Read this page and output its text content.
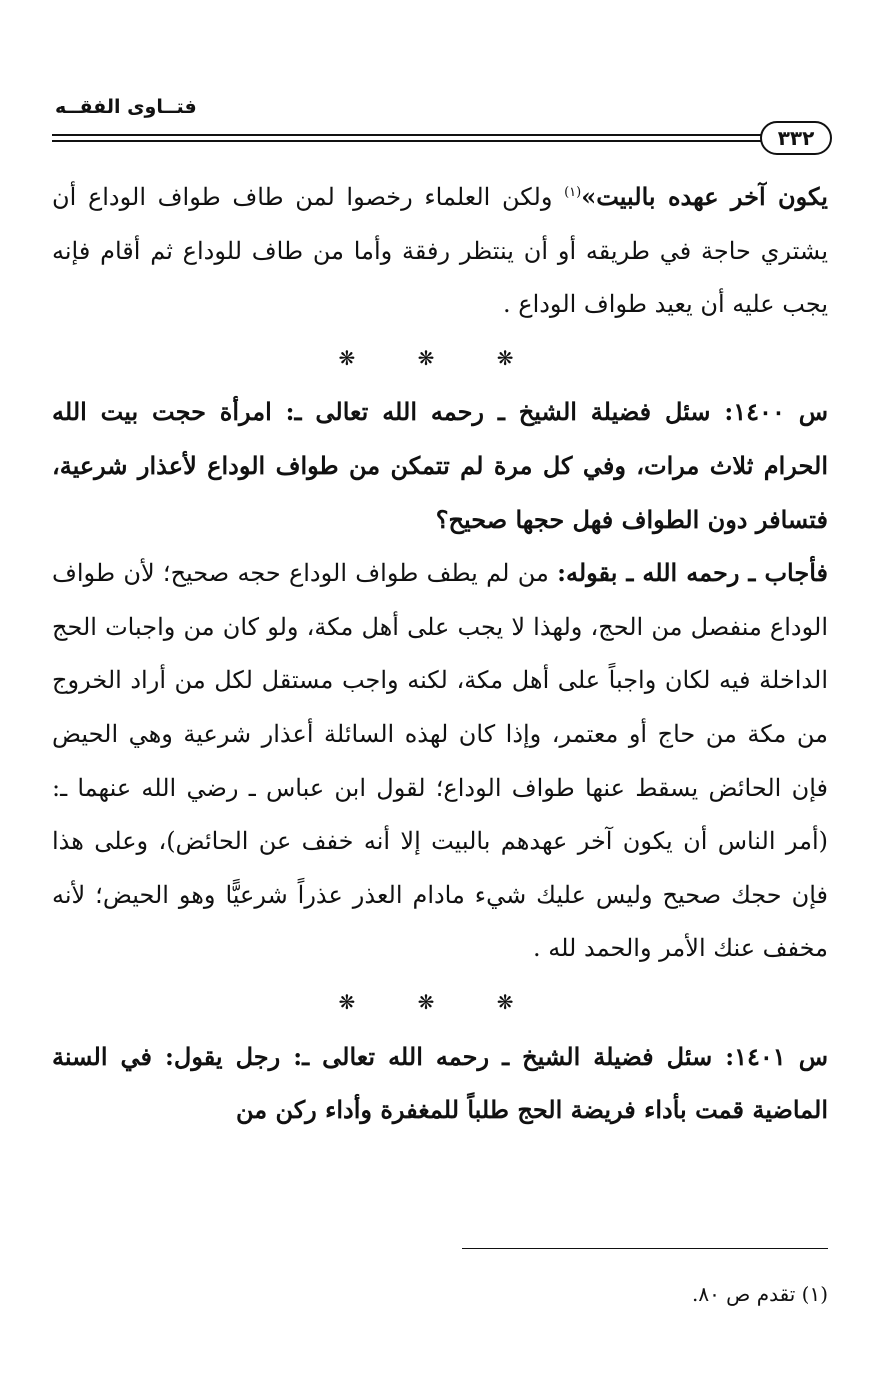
فتــاوى الفقــه
٣٣٢

يكون آخر عهده بالبيت»$^{(١)}$ ولكن العلماء رخصوا لمن طاف طواف الوداع أن يشتري حاجة في طريقه أو أن ينتظر رفقة وأما من طاف للوداع ثم أقام فإنه يجب عليه أن يعيد طواف الوداع .

❋ ❋ ❋

س ١٤٠٠: سئل فضيلة الشيخ ـ رحمه الله تعالى ـ: امرأة حجت بيت الله الحرام ثلاث مرات، وفي كل مرة لم تتمكن من طواف الوداع لأعذار شرعية، فتسافر دون الطواف فهل حجها صحيح؟

فأجاب ـ رحمه الله ـ بقوله: من لم يطف طواف الوداع حجه صحيح؛ لأن طواف الوداع منفصل من الحج، ولهذا لا يجب على أهل مكة، ولو كان من واجبات الحج الداخلة فيه لكان واجباً على أهل مكة، لكنه واجب مستقل لكل من أراد الخروج من مكة من حاج أو معتمر، وإذا كان لهذه السائلة أعذار شرعية وهي الحيض فإن الحائض يسقط عنها طواف الوداع؛ لقول ابن عباس ـ رضي الله عنهما ـ: (أمر الناس أن يكون آخر عهدهم بالبيت إلا أنه خفف عن الحائض)، وعلى هذا فإن حجك صحيح وليس عليك شيء مادام العذر عذراً شرعيًّا وهو الحيض؛ لأنه مخفف عنك الأمر والحمد لله .

❋ ❋ ❋

س ١٤٠١: سئل فضيلة الشيخ ـ رحمه الله تعالى ـ: رجل يقول: في السنة الماضية قمت بأداء فريضة الحج طلباً للمغفرة وأداء ركن من

(١) تقدم ص ٨٠.
